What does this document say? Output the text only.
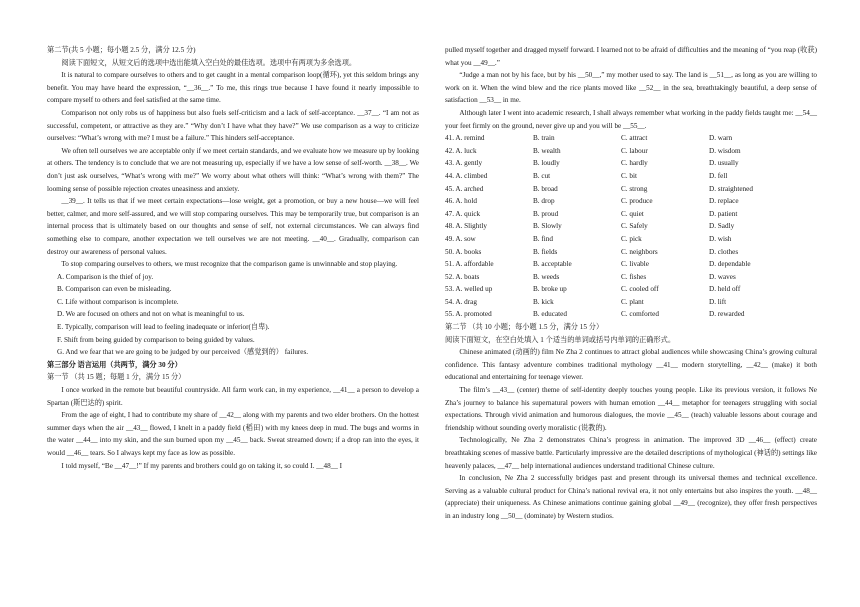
第二节(共 5 小题；每小题 2.5 分，满分 12.5 分)

阅读下面短文，从短文后的选项中选出能填入空白处的最佳选项。选项中有两项为多余选项。

It is natural to compare ourselves to others and to get caught in a mental comparison loop(循环), yet this seldom brings any benefit. You may have heard the expression, “__36__.” To me, this rings true because I have found it nearly impossible to compare myself to others and feel satisfied at the same time.

Comparison not only robs us of happiness but also fuels self-criticism and a lack of self-acceptance. __37__. “I am not as successful, competent, or attractive as they are.” “Why don’t I have what they have?” We use comparison as a way to criticize ourselves: “What’s wrong with me? I must be a failure.” This hinders self-acceptance.

We often tell ourselves we are acceptable only if we meet certain standards, and we evaluate how we measure up by looking at others. The tendency is to conclude that we are not measuring up, especially if we have a low sense of self-worth. __38__. We don’t just ask ourselves, “What’s wrong with me?” We worry about what others will think: “What’s wrong with them?” The looming sense of possible rejection creates uneasiness and anxiety.

__39__. It tells us that if we meet certain expectations—lose weight, get a promotion, or buy a new house—we will feel better, calmer, and more self-assured, and we will stop comparing ourselves. This may be temporarily true, but comparison is an internal process that is ultimately based on our thoughts and sense of self, not external circumstances. We can always find something else to compare, another expectation we tell ourselves we are not meeting. __40__. Gradually, comparison can destroy our awareness of personal values.

To stop comparing ourselves to others, we must recognize that the comparison game is unwinnable and stop playing.

A. Comparison is the thief of joy.
B. Comparison can even be misleading.
C. Life without comparison is incomplete.
D. We are focused on others and not on what is meaningful to us.
E. Typically, comparison will lead to feeling inadequate or inferior(自卑).
F. Shift from being guided by comparison to being guided by values.
G. And we fear that we are going to be judged by our perceived（感觉到的） failures.

第三部分 语言运用（共两节，满分 30 分）

第一节 （共 15 题；每题 1 分，满分 15 分）

I once worked in the remote but beautiful countryside. All farm work can, in my experience, __41__ a person to develop a Spartan (斯巴达的) spirit.

From the age of eight, I had to contribute my share of __42__ along with my parents and two elder brothers. On the hottest summer days when the air __43__ flowed, I knelt in a paddy field (稻田) with my knees deep in mud. The bugs and worms in the water __44__ into my skin, and the sun burned upon my __45__ back. Sweat streamed down; if a drop ran into the eyes, it would __46__ tears. So I always kept my face as low as possible.

I told myself, “Be __47__!” If my parents and brothers could go on taking it, so could I. __48__ I

pulled myself together and dragged myself forward. I learned not to be afraid of difficulties and the meaning of “you reap (收获) what you __49__.”

“Judge a man not by his face, but by his __50__,” my mother used to say. The land is __51__, as long as you are willing to work on it. When the wind blew and the rice plants moved like __52__ in the sea, breathtakingly beautiful, a deep sense of satisfaction __53__ in me.

Although later I went into academic research, I shall always remember what working in the paddy fields taught me: __54__ your feet firmly on the ground, never give up and you will be __55__.

41. A. remind	B. train	C. attract	D. warn
42. A. luck	B. wealth	C. labour	D. wisdom
43. A. gently	B. loudly	C. hardly	D. usually
44. A. climbed	B. cut	C. bit	D. fell
45. A. arched	B. broad	C. strong	D. straightened
46. A. hold	B. drop	C. produce	D. replace
47. A. quick	B. proud	C. quiet	D. patient
48. A. Slightly	B. Slowly	C. Safely	D. Sadly
49. A. sow	B. find	C. pick	D. wish
50. A. books	B. fields	C. neighbors	D. clothes
51. A. affordable	B. acceptable	C. livable	D. dependable
52. A. boats	B. weeds	C. fishes	D. waves
53. A. welled up	B. broke up	C. cooled off	D. held off
54. A. drag	B. kick	C. plant	D. lift
55. A. promoted	B. educated	C. comforted	D. rewarded

第二节 （共 10 小题；每小题 1.5 分，满分 15 分）

阅读下面短文，在空白处填入 1 个适当的单词或括号内单词的正确形式。

Chinese animated (动画的) film Ne Zha 2 continues to attract global audiences while showcasing China’s growing cultural confidence. This fantasy adventure combines traditional mythology __41__ modern storytelling, __42__ (make) it both educational and entertaining for teenage viewer.

The film’s __43__ (center) theme of self-identity deeply touches young people. Like its previous version, it follows Ne Zha’s journey to balance his supernatural powers with human emotion __44__ metaphor for teenagers struggling with social expectations. Through vivid animation and humorous dialogues, the movie __45__ (teach) valuable lessons about courage and friendship without sounding overly moralistic (说教的).

Technologically, Ne Zha 2 demonstrates China’s progress in animation. The improved 3D __46__ (effect) create breathtaking scenes of massive battle. Particularly impressive are the detailed descriptions of mythological (神话的) settings like heavenly palaces, __47__ help international audiences understand traditional Chinese culture.

In conclusion, Ne Zha 2 successfully bridges past and present through its universal themes and technical excellence. Serving as a valuable cultural product for China’s national revival era, it not only entertains but also inspires the youth. __48__ (appreciate) their uniqueness. As Chinese animations continue gaining global __49__ (recognize), they offer fresh perspectives in an industry long __50__ (dominate) by Western studios.
